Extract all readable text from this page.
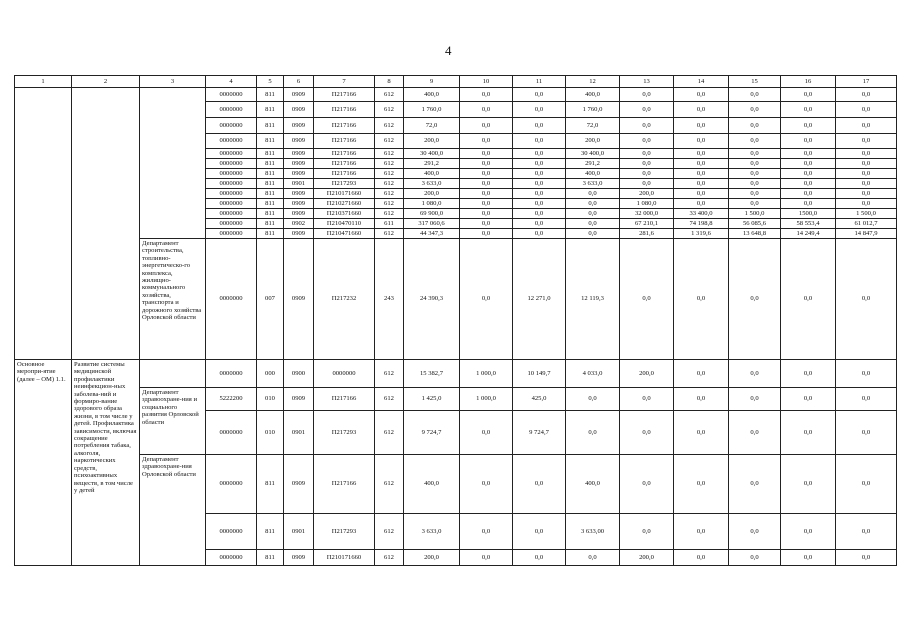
4
1	2	3	4	5	6	7	8	9	10	11	12	13	14	15	16	17
			0000000	811	0909	П217166	612	400,0	0,0	0,0	400,0	0,0	0,0	0,0	0,0	0,0
			0000000	811	0909	П217166	612	1 760,0	0,0	0,0	1 760,0	0,0	0,0	0,0	0,0	0,0
			0000000	811	0909	П217166	612	72,0	0,0	0,0	72,0	0,0	0,0	0,0	0,0	0,0
			0000000	811	0909	П217166	612	200,0	0,0	0,0	200,0	0,0	0,0	0,0	0,0	0,0
			0000000	811	0909	П217166	612	30 400,0	0,0	0,0	30 400,0	0,0	0,0	0,0	0,0	0,0
			0000000	811	0909	П217166	612	291,2	0,0	0,0	291,2	0,0	0,0	0,0	0,0	0,0
			0000000	811	0909	П217166	612	400,0	0,0	0,0	400,0	0,0	0,0	0,0	0,0	0,0
			0000000	811	0901	П217293	612	3 633,0	0,0	0,0	3 633,0	0,0	0,0	0,0	0,0	0,0
			0000000	811	0909	П210171660	612	200,0	0,0	0,0	0,0	200,0	0,0	0,0	0,0	0,0
			0000000	811	0909	П210271660	612	1 080,0	0,0	0,0	0,0	1 080,0	0,0	0,0	0,0	0,0
			0000000	811	0909	П210371660	612	69 900,0	0,0	0,0	0,0	32 000,0	33 400,0	1 500,0	1500,0	1 500,0
			0000000	811	0902	П210470110	611	317 060,6	0,0	0,0	0,0	67 210,1	74 198,8	56 085,6	58 553,4	61 012,7
			0000000	811	0909	П210471660	612	44 347,3	0,0	0,0	0,0	281,6	1 319,6	13 648,8	14 249,4	14 847,9
		Департамент строительства, топливно-энергетическо-го комплекса, жилищно-коммунального хозяйства, транспорта и дорожного хозяйства Орловской области	0000000	007	0909	П217232	243	24 390,3	0,0	12 271,0	12 119,3	0,0	0,0	0,0	0,0	0,0
Основное меропри-ятие (далее – ОМ) 1.1.	Развитие системы медицинской профилактики неинфекцион-ных заболева-ний и формиро-вание здорового образа жизни, в том числе у детей. Профилактика зависимости, включая сокращение потребления табака, алкоголя, наркотических средств, психоактивных веществ, в том числе у детей		0000000	000	0900	0000000	612	15 382,7	1 000,0	10 149,7	4 033,0	200,0	0,0	0,0	0,0	0,0
		Департамент здравоохране-ния и социального развития Орловской области	5222200	010	0909	П217166	612	1 425,0	1 000,0	425,0	0,0	0,0	0,0	0,0	0,0	0,0
			0000000	010	0901	П217293	612	9 724,7	0,0	9 724,7	0,0	0,0	0,0	0,0	0,0	0,0
		Департамент здравоохране-ния Орловской области	0000000	811	0909	П217166	612	400,0	0,0	0,0	400,0	0,0	0,0	0,0	0,0	0,0
			0000000	811	0901	П217293	612	3 633,0	0,0	0,0	3 633,00	0,0	0,0	0,0	0,0	0,0
			0000000	811	0909	П210171660	612	200,0	0,0	0,0	0,0	200,0	0,0	0,0	0,0	0,0
